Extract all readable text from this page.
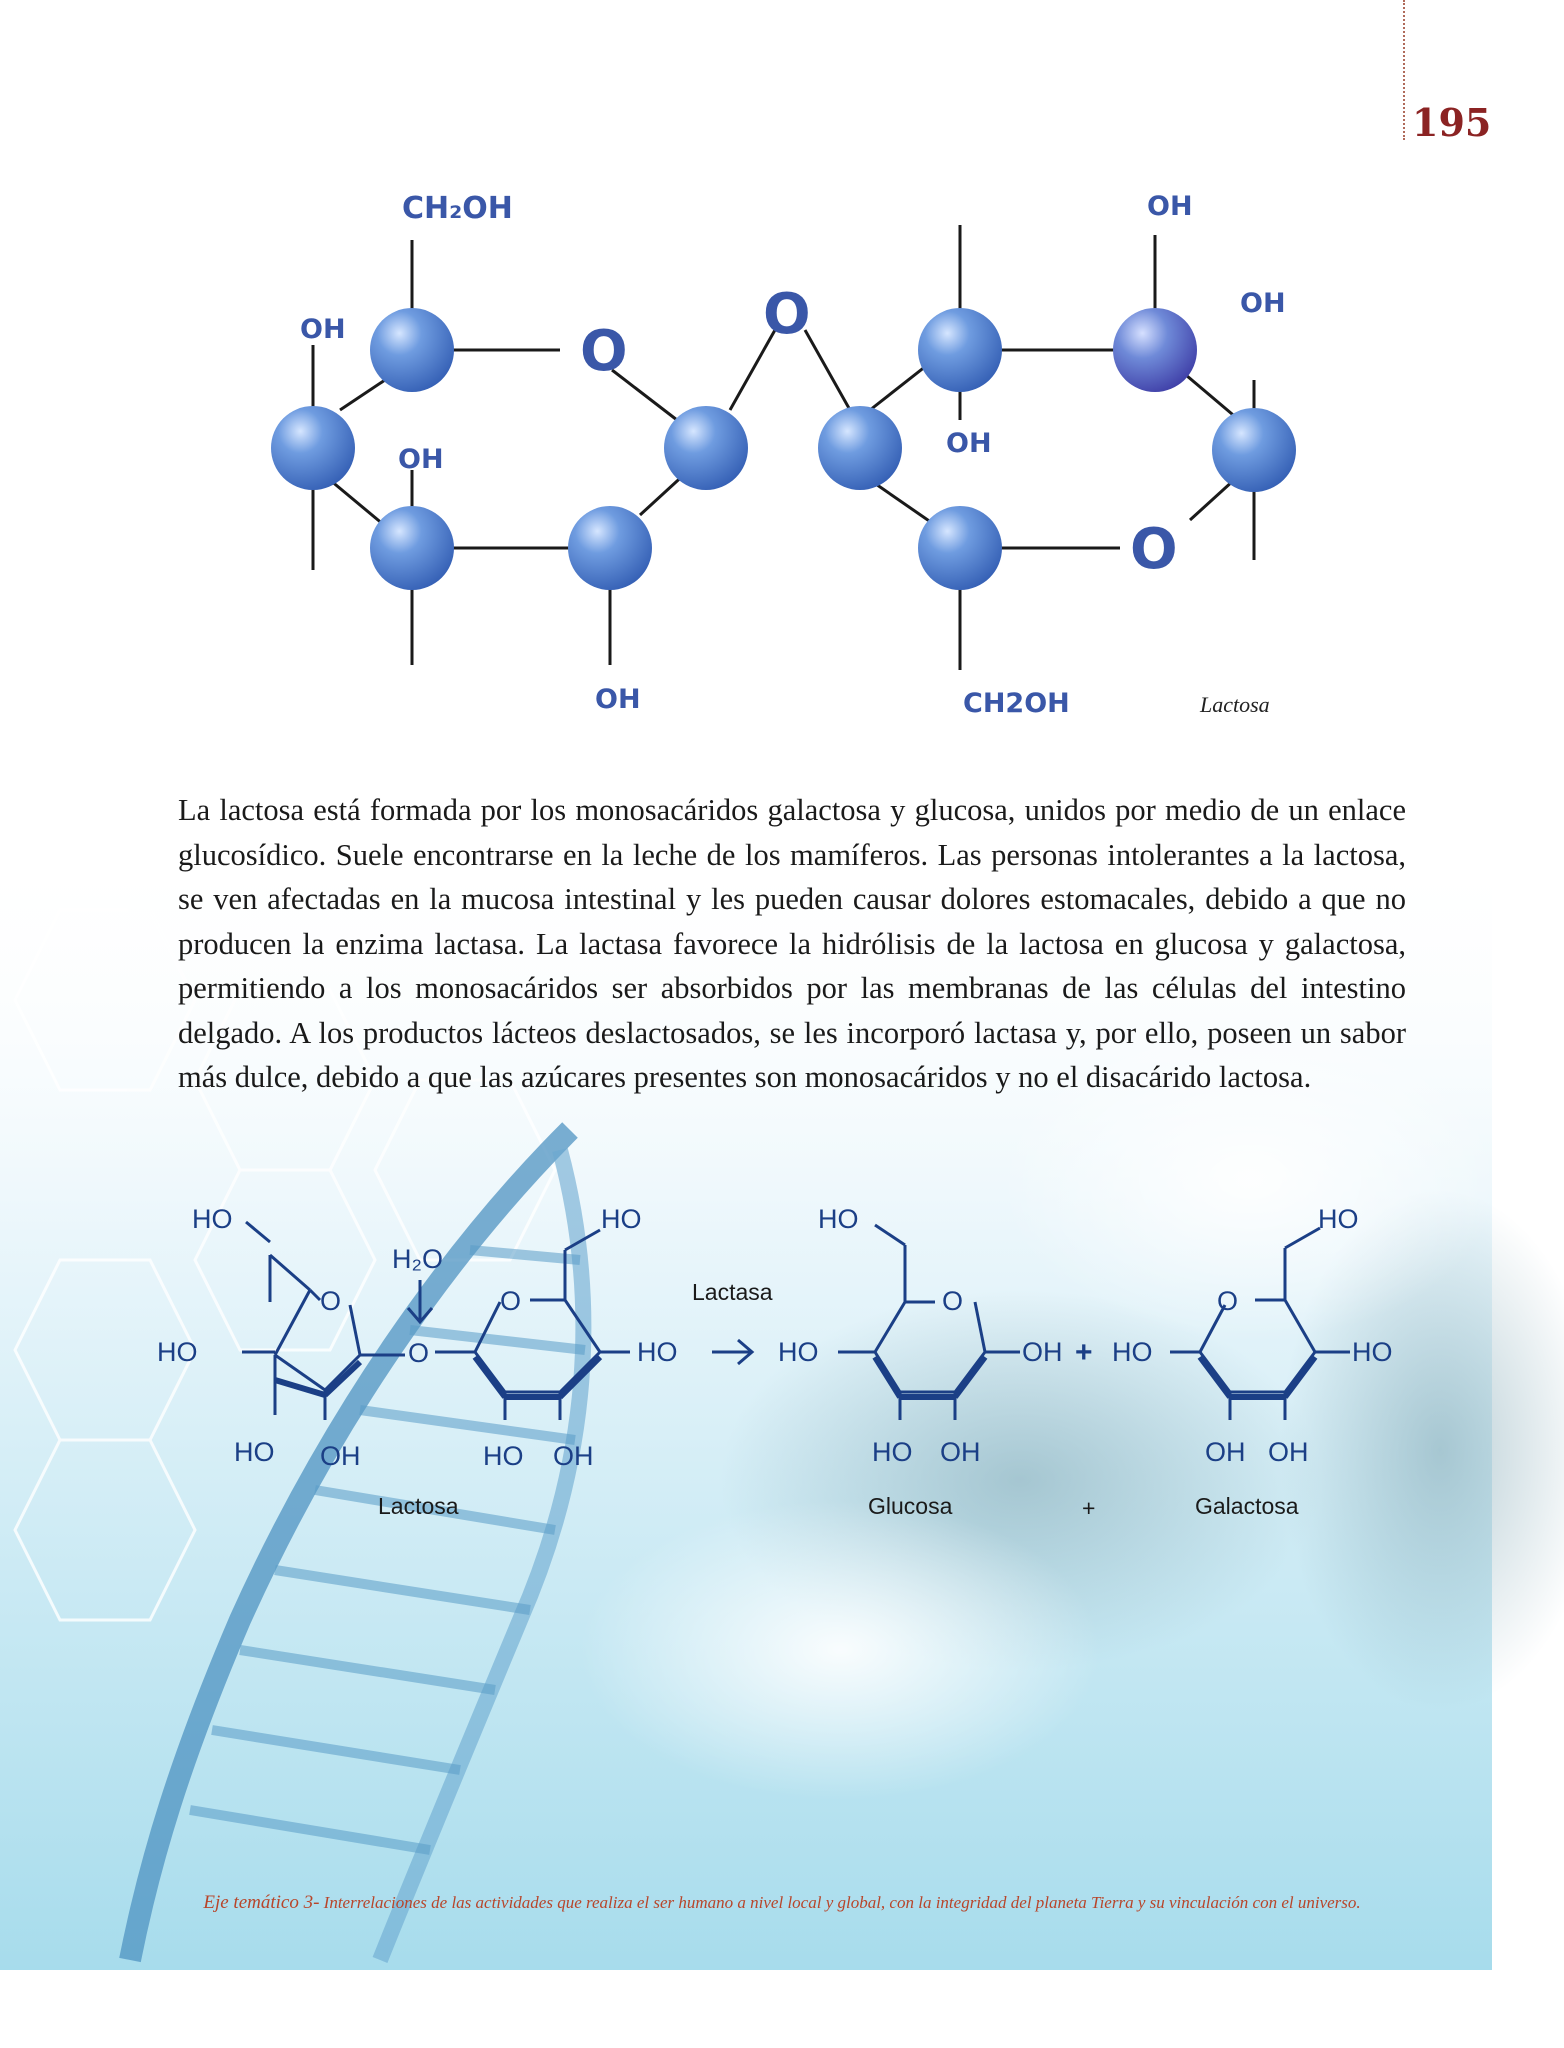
195
CH₂OH
OH
OH
OH
OH
OH
OH
CH2OH
O
O
O
Lactosa

La lactosa está formada por los monosacáridos galactosa y glucosa, unidos por medio de un enlace glucosídico. Suele encontrarse en la leche de los mamíferos. Las personas intolerantes a la lactosa, se ven afectadas en la mucosa intestinal y les pueden causar dolores estomacales, debido a que no producen la enzima lactasa. La lactasa favorece la hidrólisis de la lactosa en glucosa y galactosa, permitiendo a los monosacáridos ser absorbidos por las membranas de las células del intestino delgado. A los productos lácteos deslactosados, se les incorporó lactasa y, por ello, poseen un sabor más dulce, debido a que las azúcares presentes son monosacáridos y no el disacárido lactosa.

HO
O
HO
HO OH
O
H₂O
HO
O
HO
HO OH
HO
O
HO	OH
HO OH
HO
O
HO	HO
OH OH
+
Lactasa
Lactosa	Glucosa	+	Galactosa
Eje temático 3- Interrelaciones de las actividades que realiza el ser humano a nivel local y global, con la integridad del planeta Tierra y su vinculación con el universo.
